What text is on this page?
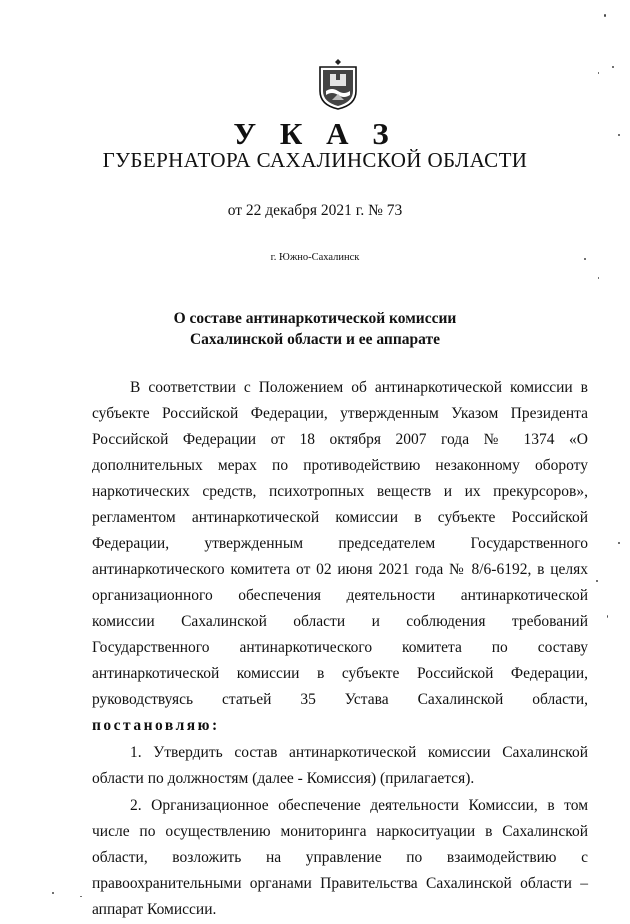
У К А З
ГУБЕРНАТОРА САХАЛИНСКОЙ ОБЛАСТИ
от 22 декабря 2021 г. № 73
г. Южно-Сахалинск
О составе антинаркотической комиссии
Сахалинской области и ее аппарате

В соответствии с Положением об антинаркотической комиссии в субъекте Российской Федерации, утвержденным Указом Президента Российской Федерации от 18 октября 2007 года № 1374 «О дополнительных мерах по противодействию незаконному обороту наркотических средств, психотропных веществ и их прекурсоров», регламентом антинаркотической комиссии в субъекте Российской Федерации, утвержденным председателем Государственного антинаркотического комитета от 02 июня 2021 года № 8/6-6192, в целях организационного обеспечения деятельности антинаркотической комиссии Сахалинской области и соблюдения требований Государственного антинаркотического комитета по составу антинаркотической комиссии в субъекте Российской Федерации, руководствуясь статьей 35 Устава Сахалинской области, постановляю:

1. Утвердить состав антинаркотической комиссии Сахалинской области по должностям (далее - Комиссия) (прилагается).

2. Организационное обеспечение деятельности Комиссии, в том числе по осуществлению мониторинга наркоситуации в Сахалинской области, возложить на управление по взаимодействию с правоохранительными органами Правительства Сахалинской области – аппарат Комиссии.
